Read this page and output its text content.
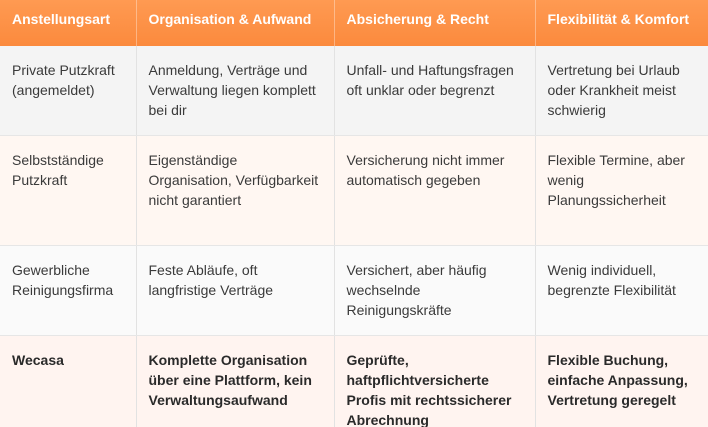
Anstellungsart	Organisation & Aufwand	Absicherung & Recht	Flexibilität & Komfort
Private Putzkraft (angemeldet)	Anmeldung, Verträge und Verwaltung liegen komplett bei dir	Unfall- und Haftungsfragen oft unklar oder begrenzt	Vertretung bei Urlaub oder Krankheit meist schwierig
Selbstständige Putzkraft	Eigenständige Organisation, Verfügbarkeit nicht garantiert	Versicherung nicht immer automatisch gegeben	Flexible Termine, aber wenig Planungssicherheit
Gewerbliche Reinigungsfirma	Feste Abläufe, oft langfristige Verträge	Versichert, aber häufig wechselnde Reinigungskräfte	Wenig individuell, begrenzte Flexibilität
Wecasa	Komplette Organisation über eine Plattform, kein Verwaltungsaufwand	Geprüfte, haftpflichtversicherte Profis mit rechtssicherer Abrechnung	Flexible Buchung, einfache Anpassung, Vertretung geregelt
